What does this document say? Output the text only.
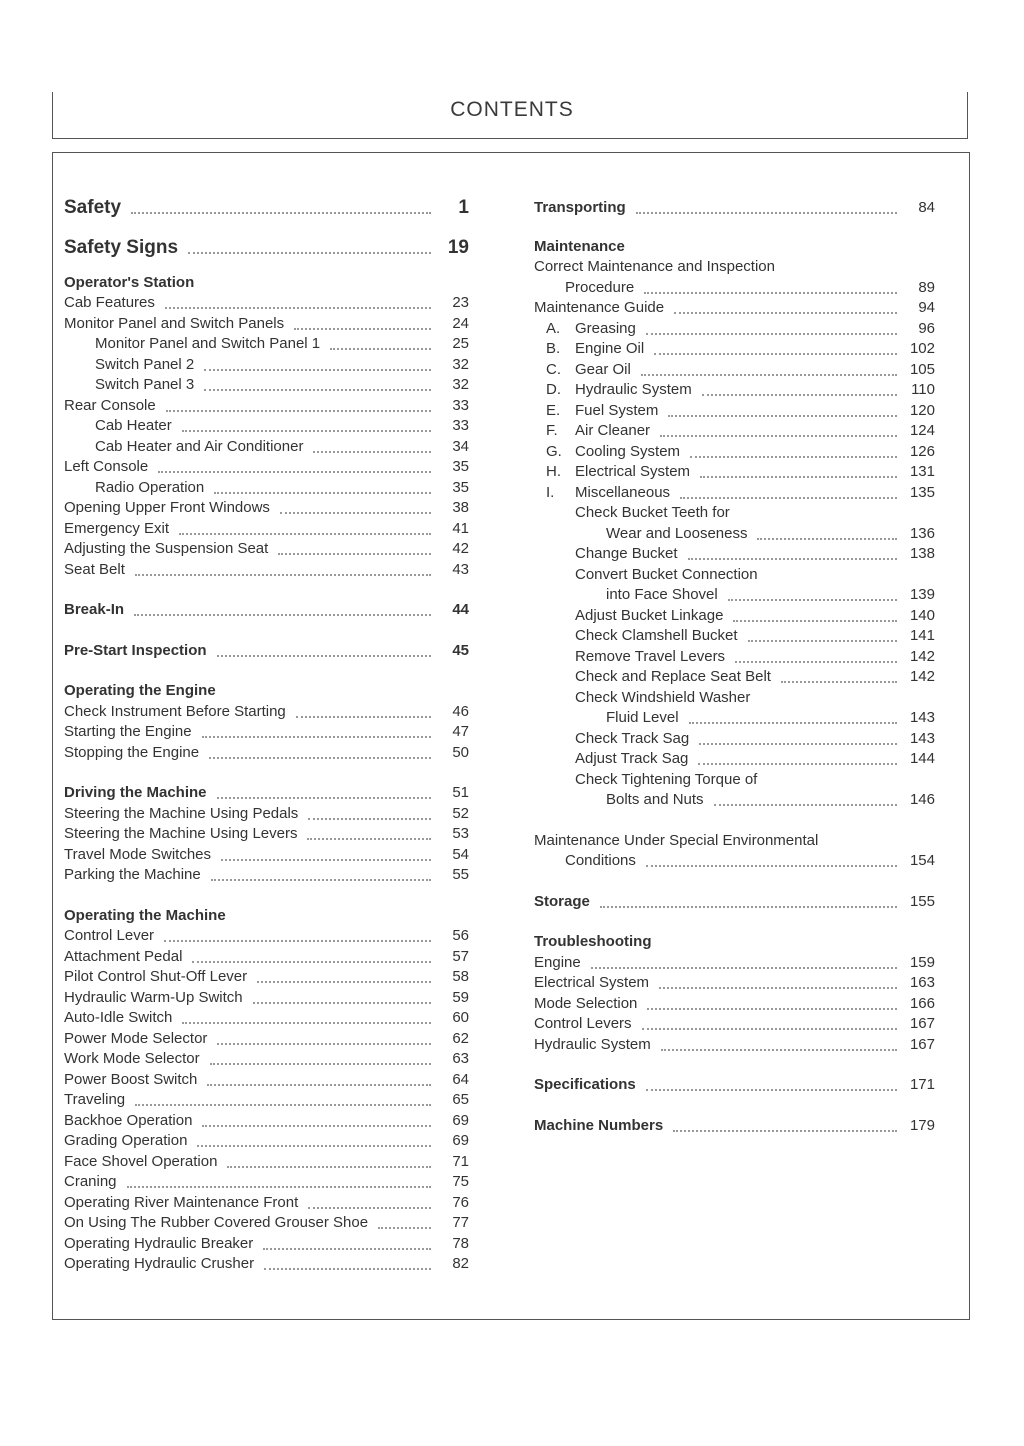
CONTENTS
Safety	1
Safety Signs	19
Operator's Station
Cab Features	23
Monitor Panel and Switch Panels	24
Monitor Panel and Switch Panel 1	25
Switch Panel 2	32
Switch Panel 3	32
Rear Console	33
Cab Heater	33
Cab Heater and Air Conditioner	34
Left Console	35
Radio Operation	35
Opening Upper Front Windows	38
Emergency Exit	41
Adjusting the Suspension Seat	42
Seat Belt	43
Break-In	44
Pre-Start Inspection	45
Operating the Engine
Check Instrument Before Starting	46
Starting the Engine	47
Stopping the Engine	50
Driving the Machine	51
Steering the Machine Using Pedals	52
Steering the Machine Using Levers	53
Travel Mode Switches	54
Parking the Machine	55
Operating the Machine
Control Lever	56
Attachment Pedal	57
Pilot Control Shut-Off Lever	58
Hydraulic Warm-Up Switch	59
Auto-Idle Switch	60
Power Mode Selector	62
Work Mode Selector	63
Power Boost Switch	64
Traveling	65
Backhoe Operation	69
Grading Operation	69
Face Shovel Operation	71
Craning	75
Operating River Maintenance Front	76
On Using The Rubber Covered Grouser Shoe	77
Operating Hydraulic Breaker	78
Operating Hydraulic Crusher	82
Transporting	84
Maintenance
Correct Maintenance and Inspection
Procedure	89
Maintenance Guide	94
A. Greasing	96
B. Engine Oil	102
C. Gear Oil	105
D. Hydraulic System	110
E. Fuel System	120
F.	Air Cleaner	124
G. Cooling System	126
H. Electrical System	131
I.	Miscellaneous	135
Check Bucket Teeth for
Wear and Looseness	136
Change Bucket	138
Convert Bucket Connection
into Face Shovel	139
Adjust Bucket Linkage	140
Check Clamshell Bucket	141
Remove Travel Levers	142
Check and Replace Seat Belt	142
Check Windshield Washer
Fluid Level	143
Check Track Sag	143
Adjust Track Sag	144
Check Tightening Torque of
Bolts and Nuts	146
Maintenance Under Special Environmental
Conditions	154
Storage	155
Troubleshooting
Engine	159
Electrical System	163
Mode Selection	166
Control Levers	167
Hydraulic System	167
Specifications	171
Machine Numbers	179
